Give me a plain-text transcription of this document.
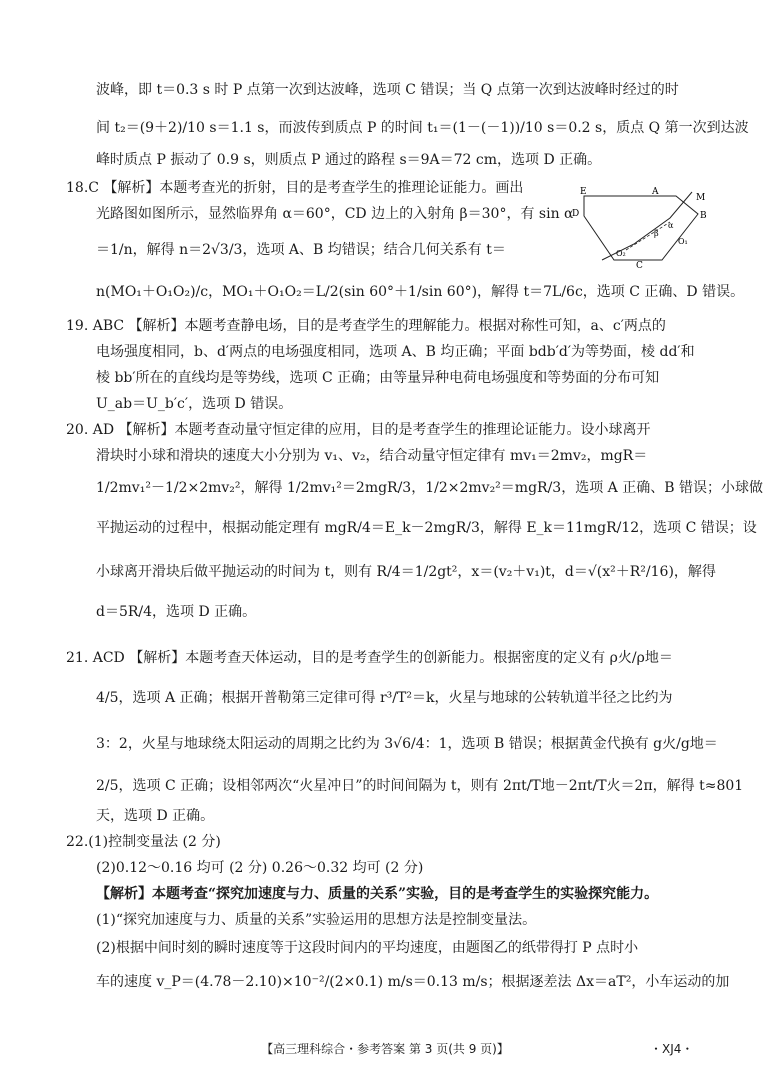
波峰，即 t＝0.3 s 时 P 点第一次到达波峰，选项 C 错误；当 Q 点第一次到达波峰时经过的时
间 t₂＝(9＋2)/10 s＝1.1 s，而波传到质点 P 的时间 t₁＝(1－(－1))/10 s＝0.2 s，质点 Q 第一次到达波
峰时质点 P 振动了 0.9 s，则质点 P 通过的路程 s＝9A＝72 cm，选项 D 正确。
18.C 【解析】本题考查光的折射，目的是考查学生的推理论证能力。画出
光路图如图所示，显然临界角 α＝60°，CD 边上的入射角 β＝30°，有 sin α
＝1/n，解得 n＝2√3/3，选项 A、B 均错误；结合几何关系有 t＝
n(MO₁＋O₁O₂)/c，MO₁＋O₁O₂＝L/2(sin 60°＋1/sin 60°)，解得 t＝7L/6c，选项 C 正确、D 错误。
19. ABC 【解析】本题考查静电场，目的是考查学生的理解能力。根据对称性可知，a、c′两点的
电场强度相同，b、d′两点的电场强度相同，选项 A、B 均正确；平面 bdb′d′为等势面，棱 dd′和
棱 bb′所在的直线均是等势线，选项 C 正确；由等量异种电荷电场强度和等势面的分布可知
U_ab＝U_b′c′，选项 D 错误。
20. AD 【解析】本题考查动量守恒定律的应用，目的是考查学生的推理论证能力。设小球离开
滑块时小球和滑块的速度大小分别为 v₁、v₂，结合动量守恒定律有 mv₁＝2mv₂，mgR＝
1/2mv₁²－1/2×2mv₂²，解得 1/2mv₁²＝2mgR/3，1/2×2mv₂²＝mgR/3，选项 A 正确、B 错误；小球做
平抛运动的过程中，根据动能定理有 mgR/4＝E_k－2mgR/3，解得 E_k＝11mgR/12，选项 C 错误；设
小球离开滑块后做平抛运动的时间为 t，则有 R/4＝1/2gt²，x＝(v₂＋v₁)t，d＝√(x²＋R²/16)，解得
d＝5R/4，选项 D 正确。
21. ACD 【解析】本题考查天体运动，目的是考查学生的创新能力。根据密度的定义有 ρ火/ρ地＝
4/5，选项 A 正确；根据开普勒第三定律可得 r³/T²＝k，火星与地球的公转轨道半径之比约为
3：2，火星与地球绕太阳运动的周期之比约为 3√6/4：1，选项 B 错误；根据黄金代换有 g火/g地＝
2/5，选项 C 正确；设相邻两次“火星冲日”的时间间隔为 t，则有 2πt/T地－2πt/T火＝2π，解得 t≈801
天，选项 D 正确。
22.(1)控制变量法 (2 分)
(2)0.12～0.16 均可 (2 分) 0.26～0.32 均可 (2 分)
【解析】本题考查“探究加速度与力、质量的关系”实验，目的是考查学生的实验探究能力。
(1)“探究加速度与力、质量的关系”实验运用的思想方法是控制变量法。
(2)根据中间时刻的瞬时速度等于这段时间内的平均速度，由题图乙的纸带得打 P 点时小
车的速度 v_P＝(4.78－2.10)×10⁻²/(2×0.1) m/s＝0.13 m/s；根据逐差法 Δx＝aT²，小车运动的加
E	A
M
D	B
O₂
C
O₁
α
β
【高三理科综合・参考答案 第 3 页(共 9 页)】	・XJ4・
